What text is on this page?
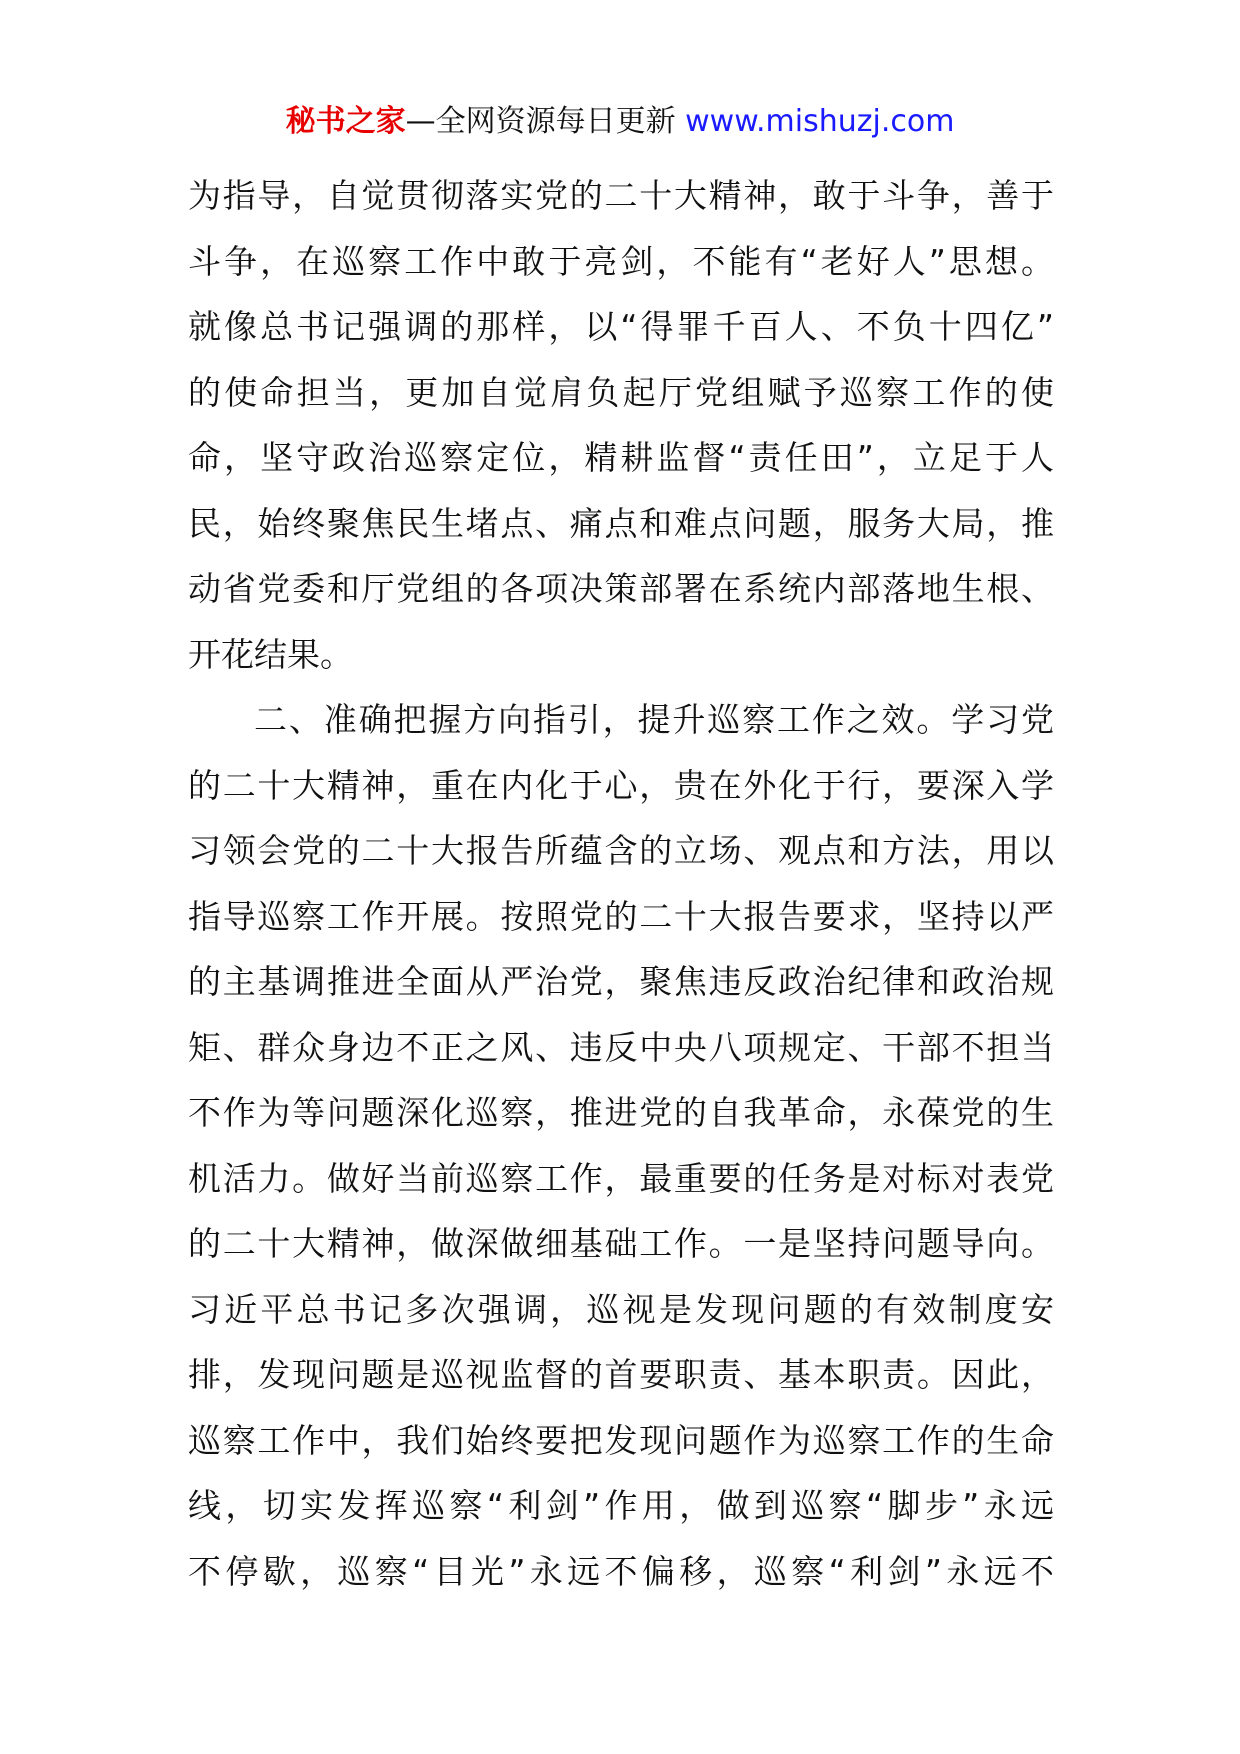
秘书之家—全网资源每日更新 www.mishuzj.com
为指导，自觉贯彻落实党的二十大精神，敢于斗争，善于
斗争，在巡察工作中敢于亮剑，不能有“老好人”思想。
就像总书记强调的那样，以“得罪千百人、不负十四亿”
的使命担当，更加自觉肩负起厅党组赋予巡察工作的使
命，坚守政治巡察定位，精耕监督“责任田”，立足于人
民，始终聚焦民生堵点、痛点和难点问题，服务大局，推
动省党委和厅党组的各项决策部署在系统内部落地生根、
开花结果。
二、准确把握方向指引，提升巡察工作之效。学习党
的二十大精神，重在内化于心，贵在外化于行，要深入学
习领会党的二十大报告所蕴含的立场、观点和方法，用以
指导巡察工作开展。按照党的二十大报告要求，坚持以严
的主基调推进全面从严治党，聚焦违反政治纪律和政治规
矩、群众身边不正之风、违反中央八项规定、干部不担当
不作为等问题深化巡察，推进党的自我革命，永葆党的生
机活力。做好当前巡察工作，最重要的任务是对标对表党
的二十大精神，做深做细基础工作。一是坚持问题导向。
习近平总书记多次强调，巡视是发现问题的有效制度安
排，发现问题是巡视监督的首要职责、基本职责。因此，
巡察工作中，我们始终要把发现问题作为巡察工作的生命
线，切实发挥巡察“利剑”作用，做到巡察“脚步”永远
不停歇，巡察“目光”永远不偏移，巡察“利剑”永远不
